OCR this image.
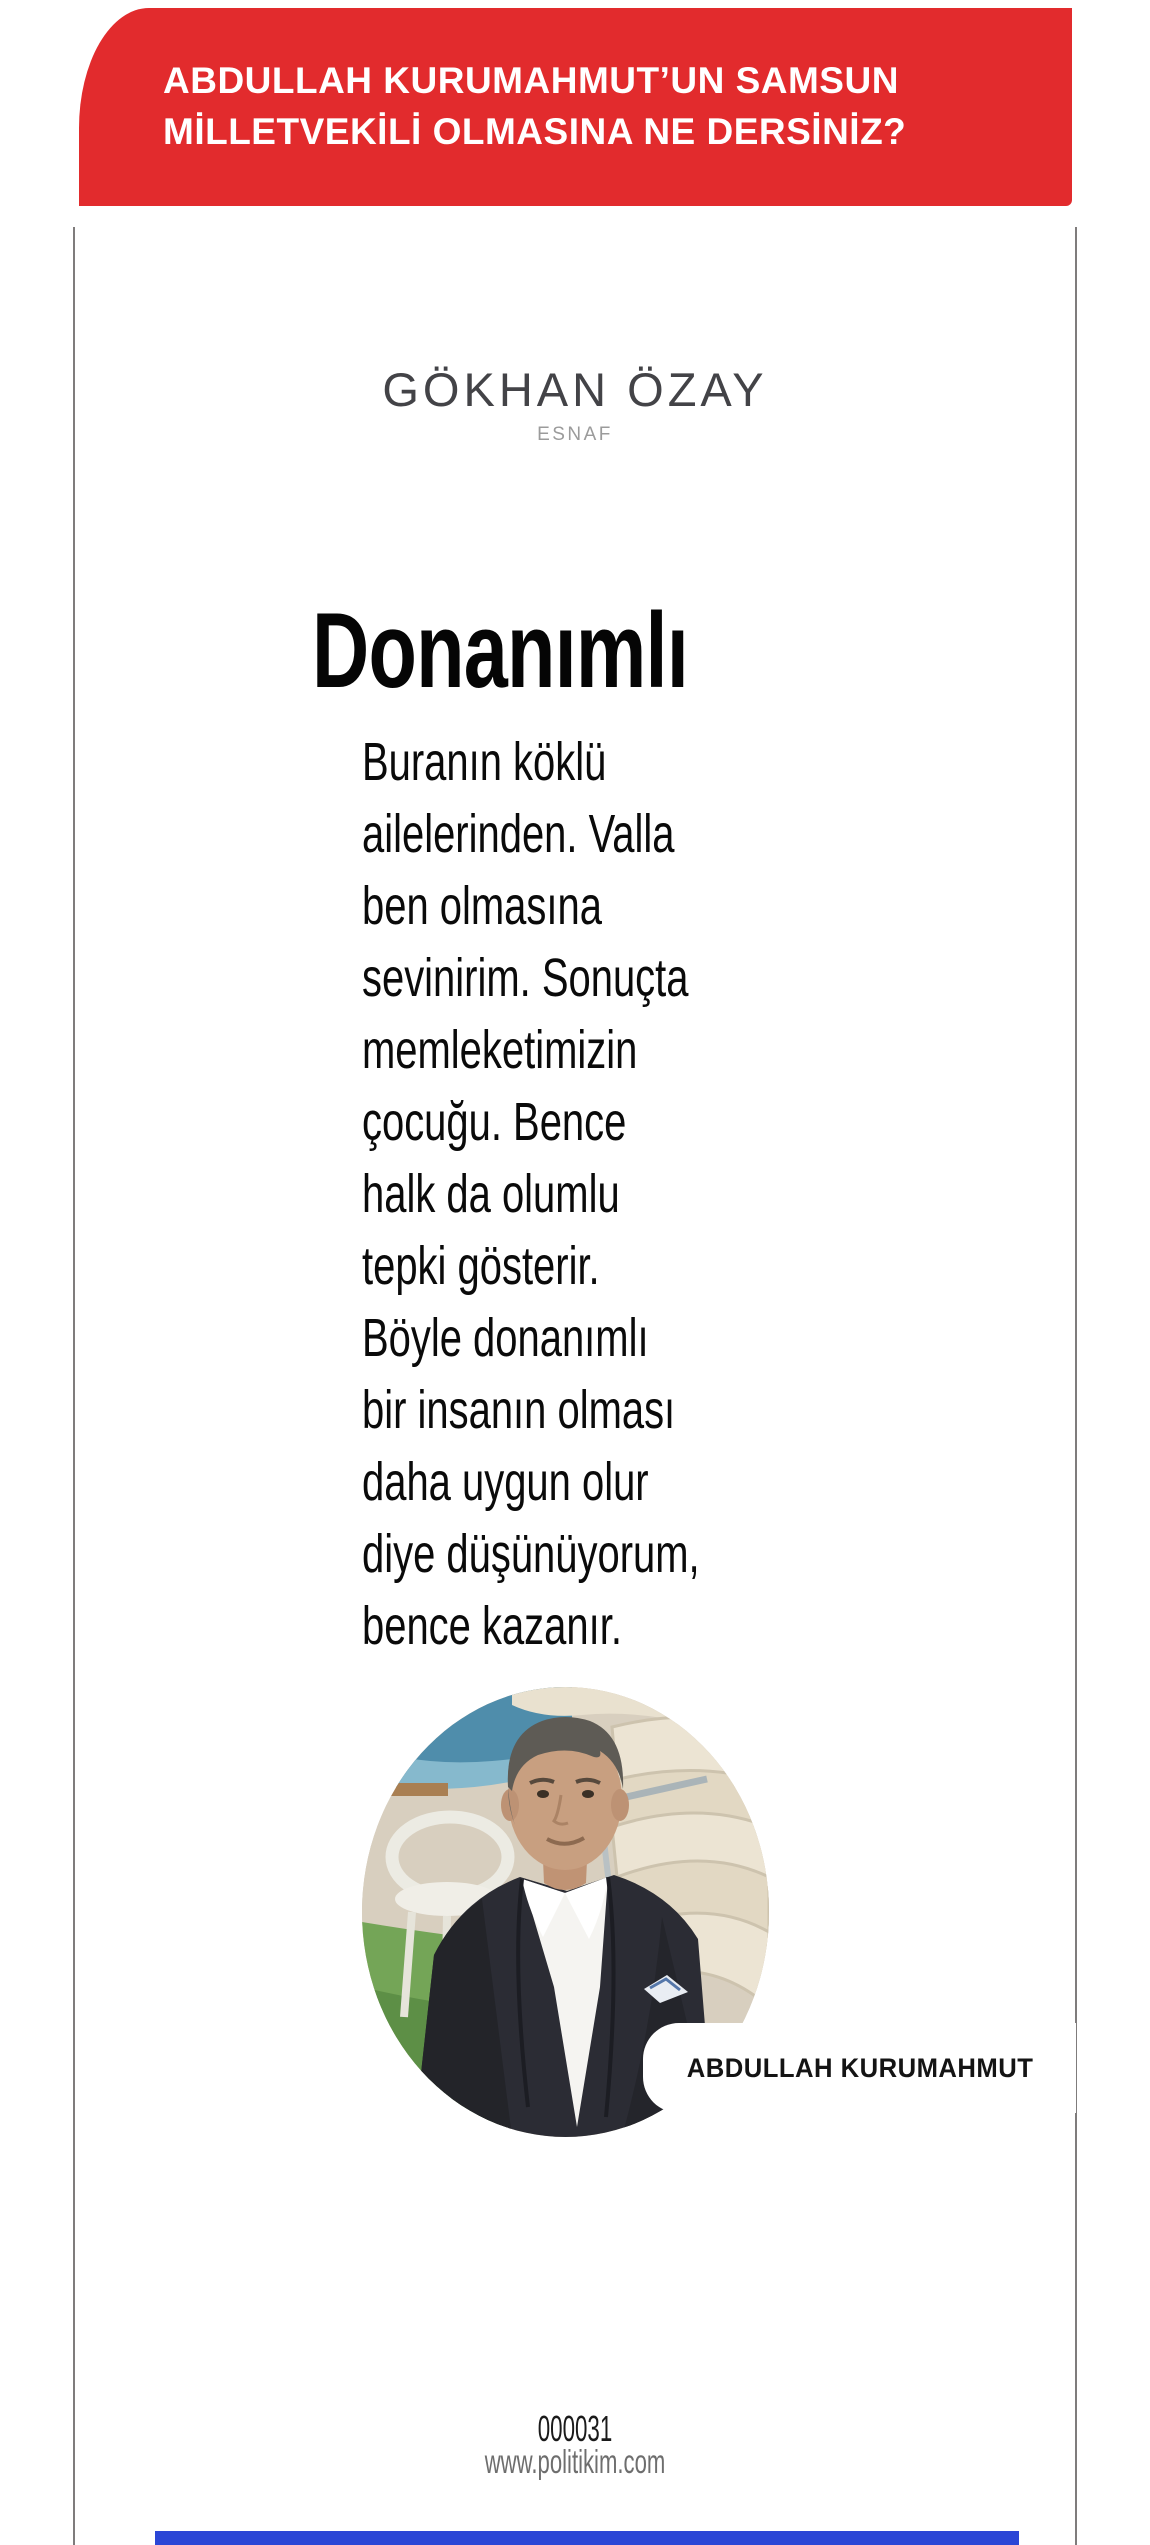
ABDULLAH KURUMAHMUT’UN SAMSUN
MİLLETVEKİLİ OLMASINA NE DERSİNİZ?
GÖKHAN ÖZAY
ESNAF
Donanımlı
Buranın köklü
ailelerinden. Valla
ben olmasına
sevinirim. Sonuçta
memleketimizin
çocuğu. Bence
halk da olumlu
tepki gösterir.
Böyle donanımlı
bir insanın olması
daha uygun olur
diye düşünüyorum,
bence kazanır.
ABDULLAH KURUMAHMUT
000031
www.politikim.com
